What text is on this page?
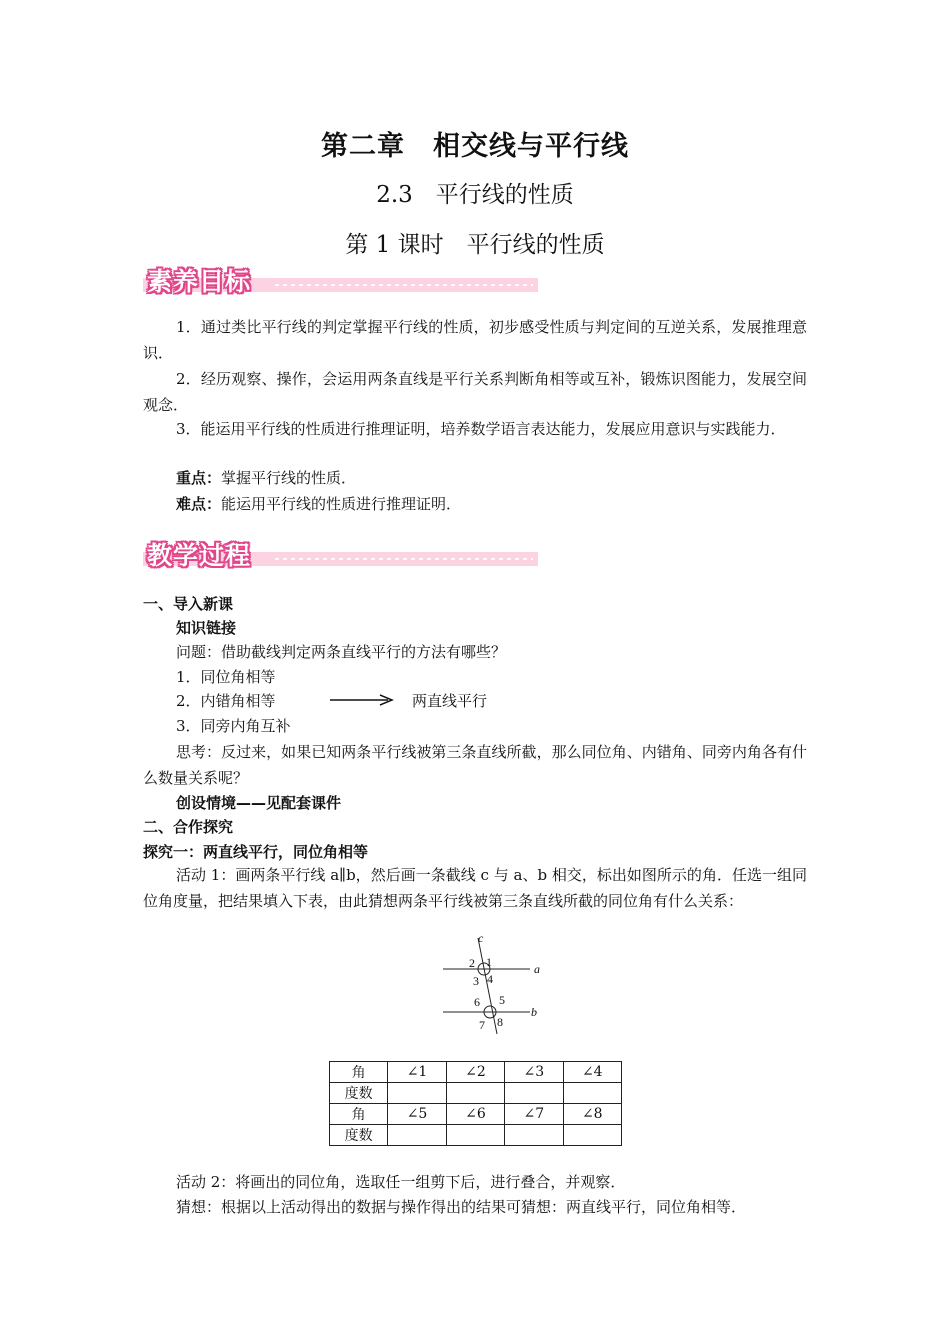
第二章　相交线与平行线
2.3　平行线的性质
第 1 课时　平行线的性质
素养目标
1．通过类比平行线的判定掌握平行线的性质，初步感受性质与判定间的互逆关系，发展推理意识．
2．经历观察、操作，会运用两条直线是平行关系判断角相等或互补，锻炼识图能力，发展空间观念．
3．能运用平行线的性质进行推理证明，培养数学语言表达能力，发展应用意识与实践能力．
重点：掌握平行线的性质．
难点：能运用平行线的性质进行推理证明．
教学过程
一、导入新课
知识链接
问题：借助截线判定两条直线平行的方法有哪些？
1．同位角相等
2．内错角相等	两直线平行
3．同旁内角互补
思考：反过来，如果已知两条平行线被第三条直线所截，那么同位角、内错角、同旁内角各有什么数量关系呢？
创设情境——见配套课件
二、合作探究
探究一：两直线平行，同位角相等
活动 1：画两条平行线 a∥b，然后画一条截线 c 与 a、b 相交，标出如图所示的角．任选一组同位角度量，把结果填入下表，由此猜想两条平行线被第三条直线所截的同位角有什么关系：
c
a
b
1
2
3 4
5
6
7 8
角	∠1	∠2	∠3	∠4
度数				
角	∠5	∠6	∠7	∠8
度数				
活动 2：将画出的同位角，选取任一组剪下后，进行叠合，并观察．
猜想：根据以上活动得出的数据与操作得出的结果可猜想：两直线平行，同位角相等．
